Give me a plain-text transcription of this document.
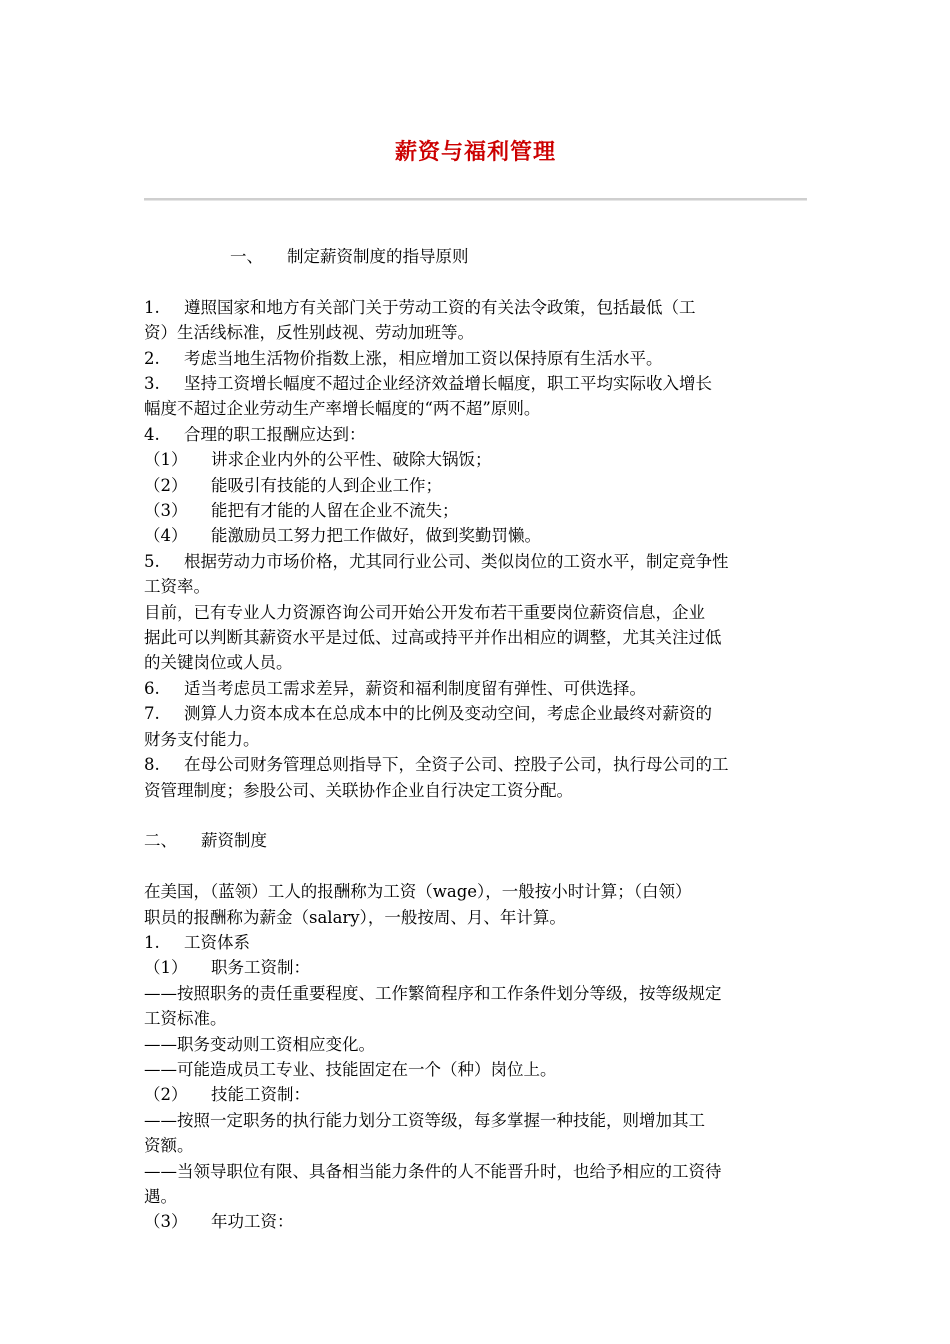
薪资与福利管理

一、 制定薪资制度的指导原则

1. 遵照国家和地方有关部门关于劳动工资的有关法令政策，包括最低（工

资）生活线标准，反性别歧视、劳动加班等。

2. 考虑当地生活物价指数上涨，相应增加工资以保持原有生活水平。

3. 坚持工资增长幅度不超过企业经济效益增长幅度，职工平均实际收入增长

幅度不超过企业劳动生产率增长幅度的“两不超”原则。

4. 合理的职工报酬应达到：

（1） 讲求企业内外的公平性、破除大锅饭；

（2） 能吸引有技能的人到企业工作；

（3） 能把有才能的人留在企业不流失；

（4） 能激励员工努力把工作做好，做到奖勤罚懒。

5. 根据劳动力市场价格，尤其同行业公司、类似岗位的工资水平，制定竞争性

工资率。

目前，已有专业人力资源咨询公司开始公开发布若干重要岗位薪资信息，企业

据此可以判断其薪资水平是过低、过高或持平并作出相应的调整，尤其关注过低

的关键岗位或人员。

6. 适当考虑员工需求差异，薪资和福利制度留有弹性、可供选择。

7. 测算人力资本成本在总成本中的比例及变动空间，考虑企业最终对薪资的

财务支付能力。

8. 在母公司财务管理总则指导下，全资子公司、控股子公司，执行母公司的工

资管理制度；参股公司、关联协作企业自行决定工资分配。

二、 薪资制度

在美国，（蓝领）工人的报酬称为工资（wage），一般按小时计算；（白领）

职员的报酬称为薪金（salary），一般按周、月、年计算。

1. 工资体系

（1） 职务工资制：

——按照职务的责任重要程度、工作繁简程序和工作条件划分等级，按等级规定

工资标准。

——职务变动则工资相应变化。

——可能造成员工专业、技能固定在一个（种）岗位上。

（2） 技能工资制：

——按照一定职务的执行能力划分工资等级，每多掌握一种技能，则增加其工

资额。

——当领导职位有限、具备相当能力条件的人不能晋升时，也给予相应的工资待

遇。

（3） 年功工资：
